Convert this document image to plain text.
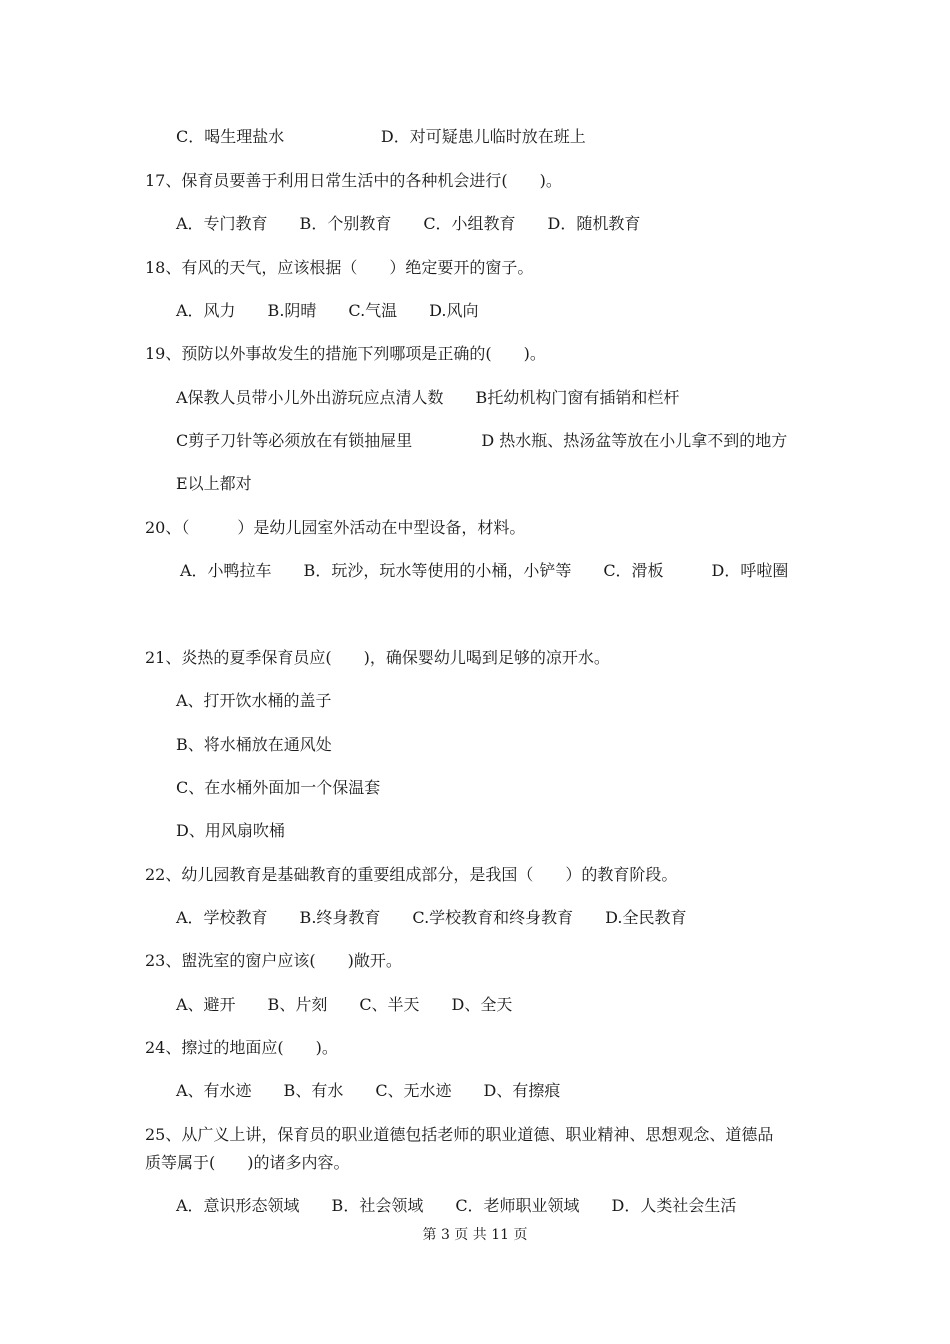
C．喝生理盐水                   D．对可疑患儿临时放在班上
17、保育员要善于利用日常生活中的各种机会进行(　　)。
A．专门教育　　B．个别教育　　C．小组教育　　D．随机教育
18、有风的天气，应该根据（　　）绝定要开的窗子。
A．风力　　B.阴晴　　C.气温　　D.风向
19、预防以外事故发生的措施下列哪项是正确的(　　)。
A保教人员带小儿外出游玩应点清人数　　B托幼机构门窗有插销和栏杆
C剪子刀针等必须放在有锁抽屉里　　　　 D 热水瓶、热汤盆等放在小儿拿不到的地方
E以上都对
20、（　　　）是幼儿园室外活动在中型设备，材料。
A．小鸭拉车　　B．玩沙，玩水等使用的小桶，小铲等　　C．滑板　　　D．呼啦圈
21、炎热的夏季保育员应(　　)，确保婴幼儿喝到足够的凉开水。
A、打开饮水桶的盖子
B、将水桶放在通风处
C、在水桶外面加一个保温套
D、用风扇吹桶
22、幼儿园教育是基础教育的重要组成部分，是我国（　　）的教育阶段。
A．学校教育　　B.终身教育　　C.学校教育和终身教育　　D.全民教育
23、盥洗室的窗户应该(　　)敞开。
A、避开　　B、片刻　　C、半天　　D、全天
24、擦过的地面应(　　)。
A、有水迹　　B、有水　　C、无水迹　　D、有擦痕
25、从广义上讲，保育员的职业道德包括老师的职业道德、职业精神、思想观念、道德品
质等属于(　　)的诸多内容。
A．意识形态领域　　B．社会领域　　C．老师职业领域　　D．人类社会生活
第 3 页 共 11 页
